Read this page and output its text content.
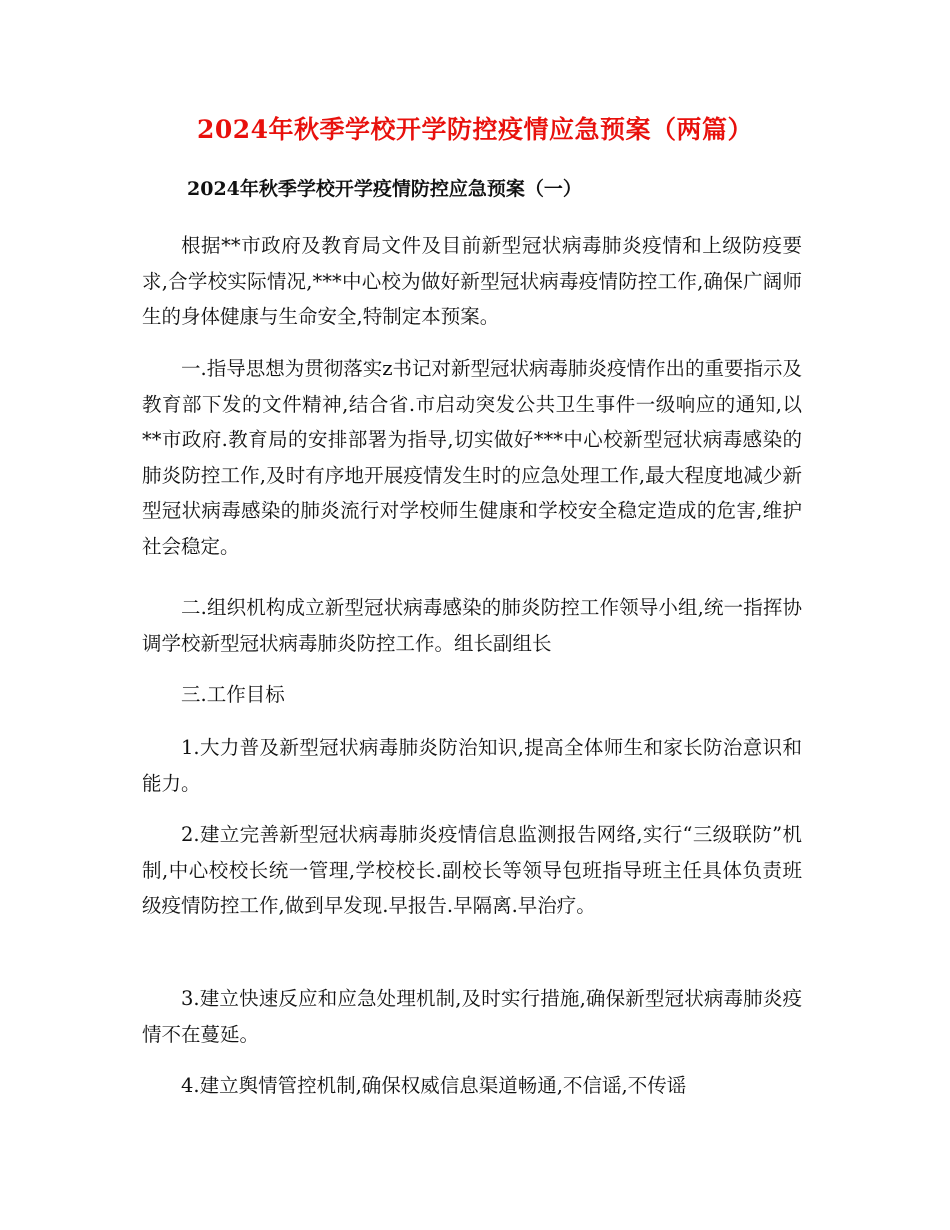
2024年秋季学校开学防控疫情应急预案（两篇）
2024年秋季学校开学疫情防控应急预案（一）

根据**市政府及教育局文件及目前新型冠状病毒肺炎疫情和上级防疫要求,合学校实际情况,***中心校为做好新型冠状病毒疫情防控工作,确保广阔师生的身体健康与生命安全,特制定本预案。

一.指导思想为贯彻落实z书记对新型冠状病毒肺炎疫情作出的重要指示及教育部下发的文件精神,结合省.市启动突发公共卫生事件一级响应的通知,以**市政府.教育局的安排部署为指导,切实做好***中心校新型冠状病毒感染的肺炎防控工作,及时有序地开展疫情发生时的应急处理工作,最大程度地减少新型冠状病毒感染的肺炎流行对学校师生健康和学校安全稳定造成的危害,维护社会稳定。

二.组织机构成立新型冠状病毒感染的肺炎防控工作领导小组,统一指挥协调学校新型冠状病毒肺炎防控工作。组长副组长

三.工作目标

1.大力普及新型冠状病毒肺炎防治知识,提高全体师生和家长防治意识和能力。

2.建立完善新型冠状病毒肺炎疫情信息监测报告网络,实行“三级联防”机制,中心校校长统一管理,学校校长.副校长等领导包班指导班主任具体负责班级疫情防控工作,做到早发现.早报告.早隔离.早治疗。

3.建立快速反应和应急处理机制,及时实行措施,确保新型冠状病毒肺炎疫情不在蔓延。

4.建立舆情管控机制,确保权威信息渠道畅通,不信谣,不传谣
